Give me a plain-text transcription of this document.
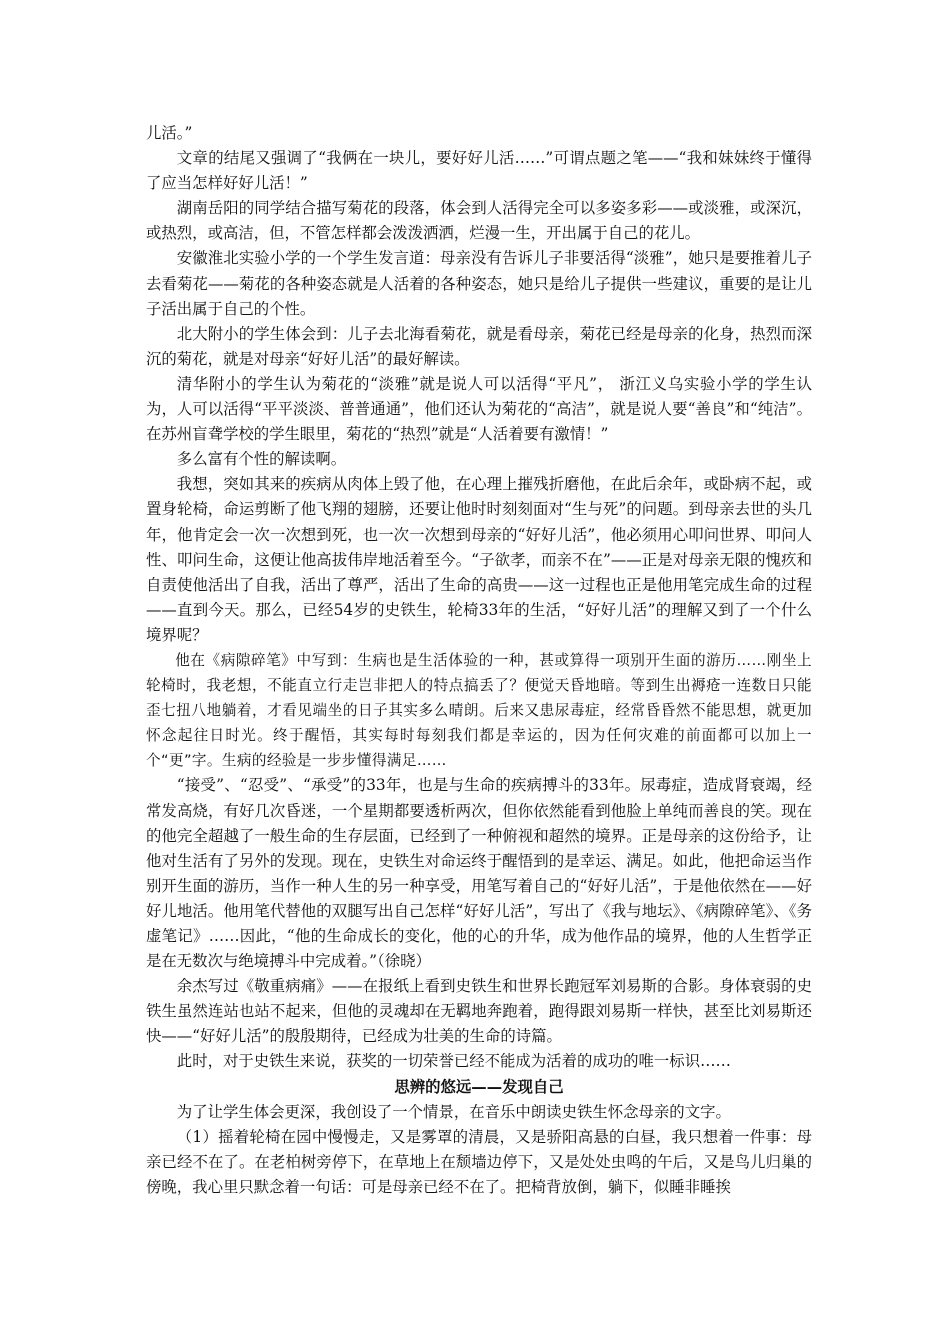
儿活。”

文章的结尾又强调了“我俩在一块儿，要好好儿活……”可谓点题之笔——“我和妹妹终于懂得了应当怎样好好儿活！”

湖南岳阳的同学结合描写菊花的段落，体会到人活得完全可以多姿多彩——或淡雅，或深沉，或热烈，或高洁，但，不管怎样都会泼泼洒洒，烂漫一生，开出属于自己的花儿。

安徽淮北实验小学的一个学生发言道：母亲没有告诉儿子非要活得“淡雅”，她只是要推着儿子去看菊花——菊花的各种姿态就是人活着的各种姿态，她只是给儿子提供一些建议，重要的是让儿子活出属于自己的个性。

北大附小的学生体会到：儿子去北海看菊花，就是看母亲，菊花已经是母亲的化身，热烈而深沉的菊花，就是对母亲“好好儿活”的最好解读。

清华附小的学生认为菊花的“淡雅”就是说人可以活得“平凡”， 浙江义乌实验小学的学生认为，人可以活得“平平淡淡、普普通通”，他们还认为菊花的“高洁”，就是说人要“善良”和“纯洁”。在苏州盲聋学校的学生眼里，菊花的“热烈”就是“人活着要有激情！”

多么富有个性的解读啊。

我想，突如其来的疾病从肉体上毁了他，在心理上摧残折磨他，在此后余年，或卧病不起，或置身轮椅，命运剪断了他飞翔的翅膀，还要让他时时刻刻面对“生与死”的问题。到母亲去世的头几年，他肯定会一次一次想到死，也一次一次想到母亲的“好好儿活”，他必须用心叩问世界、叩问人性、叩问生命，这便让他高拔伟岸地活着至今。“子欲孝，而亲不在”——正是对母亲无限的愧疚和自责使他活出了自我，活出了尊严，活出了生命的高贵——这一过程也正是他用笔完成生命的过程——直到今天。那么，已经54岁的史铁生，轮椅33年的生活，“好好儿活”的理解又到了一个什么境界呢？

他在《病隙碎笔》中写到：生病也是生活体验的一种，甚或算得一项别开生面的游历……刚坐上轮椅时，我老想，不能直立行走岂非把人的特点搞丢了？便觉天昏地暗。等到生出褥疮一连数日只能歪七扭八地躺着，才看见端坐的日子其实多么晴朗。后来又患尿毒症，经常昏昏然不能思想，就更加怀念起往日时光。终于醒悟，其实每时每刻我们都是幸运的，因为任何灾难的前面都可以加上一个“更”字。生病的经验是一步步懂得满足……

“接受”、“忍受”、“承受”的33年，也是与生命的疾病搏斗的33年。尿毒症，造成肾衰竭，经常发高烧，有好几次昏迷，一个星期都要透析两次，但你依然能看到他脸上单纯而善良的笑。现在的他完全超越了一般生命的生存层面，已经到了一种俯视和超然的境界。正是母亲的这份给予，让他对生活有了另外的发现。现在，史铁生对命运终于醒悟到的是幸运、满足。如此，他把命运当作别开生面的游历，当作一种人生的另一种享受，用笔写着自己的“好好儿活”，于是他依然在——好好儿地活。他用笔代替他的双腿写出自己怎样“好好儿活”，写出了《我与地坛》、《病隙碎笔》、《务虚笔记》……因此，“他的生命成长的变化，他的心的升华，成为他作品的境界，他的人生哲学正是在无数次与绝境搏斗中完成着。”（徐晓）

余杰写过《敬重病痛》——在报纸上看到史铁生和世界长跑冠军刘易斯的合影。身体衰弱的史铁生虽然连站也站不起来，但他的灵魂却在无羁地奔跑着，跑得跟刘易斯一样快，甚至比刘易斯还快——“好好儿活”的殷殷期待，已经成为壮美的生命的诗篇。

此时，对于史铁生来说，获奖的一切荣誉已经不能成为活着的成功的唯一标识……

思辨的悠远——发现自己

为了让学生体会更深，我创设了一个情景，在音乐中朗读史铁生怀念母亲的文字。

（1）摇着轮椅在园中慢慢走，又是雾罩的清晨，又是骄阳高悬的白昼，我只想着一件事：母亲已经不在了。在老柏树旁停下，在草地上在颓墙边停下，又是处处虫鸣的午后，又是鸟儿归巢的傍晚，我心里只默念着一句话：可是母亲已经不在了。把椅背放倒，躺下，似睡非睡挨
